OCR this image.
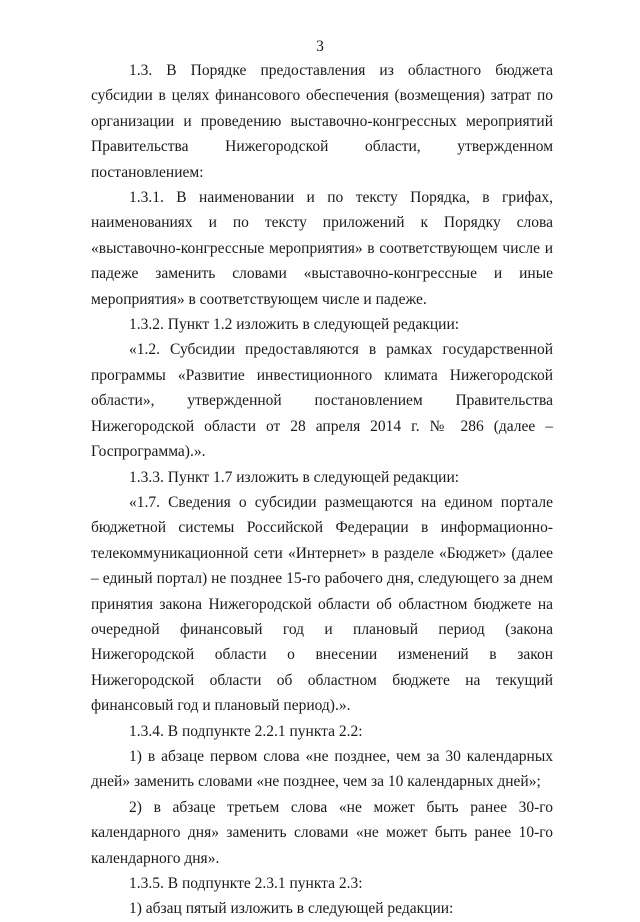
3

1.3. В Порядке предоставления из областного бюджета субсидии в целях финансового обеспечения (возмещения) затрат по организации и проведению выставочно-конгрессных мероприятий Правительства Нижегородской области, утвержденном постановлением:

1.3.1. В наименовании и по тексту Порядка, в грифах, наименованиях и по тексту приложений к Порядку слова «выставочно-конгрессные мероприятия» в соответствующем числе и падеже заменить словами «выставочно-конгрессные и иные мероприятия» в соответствующем числе и падеже.

1.3.2. Пункт 1.2 изложить в следующей редакции:

«1.2. Субсидии предоставляются в рамках государственной программы «Развитие инвестиционного климата Нижегородской области», утвержденной постановлением Правительства Нижегородской области от 28 апреля 2014 г. № 286 (далее – Госпрограмма).».

1.3.3. Пункт 1.7 изложить в следующей редакции:

«1.7. Сведения о субсидии размещаются на едином портале бюджетной системы Российской Федерации в информационно-телекоммуникационной сети «Интернет» в разделе «Бюджет» (далее – единый портал) не позднее 15-го рабочего дня, следующего за днем принятия закона Нижегородской области об областном бюджете на очередной финансовый год и плановый период (закона Нижегородской области о внесении изменений в закон Нижегородской области об областном бюджете на текущий финансовый год и плановый период).».

1.3.4. В подпункте 2.2.1 пункта 2.2:

1) в абзаце первом слова «не позднее, чем за 30 календарных дней» заменить словами «не позднее, чем за 10 календарных дней»;

2) в абзаце третьем слова «не может быть ранее 30-го календарного дня» заменить словами «не может быть ранее 10-го календарного дня».

1.3.5. В подпункте 2.3.1 пункта 2.3:

1) абзац пятый изложить в следующей редакции:
